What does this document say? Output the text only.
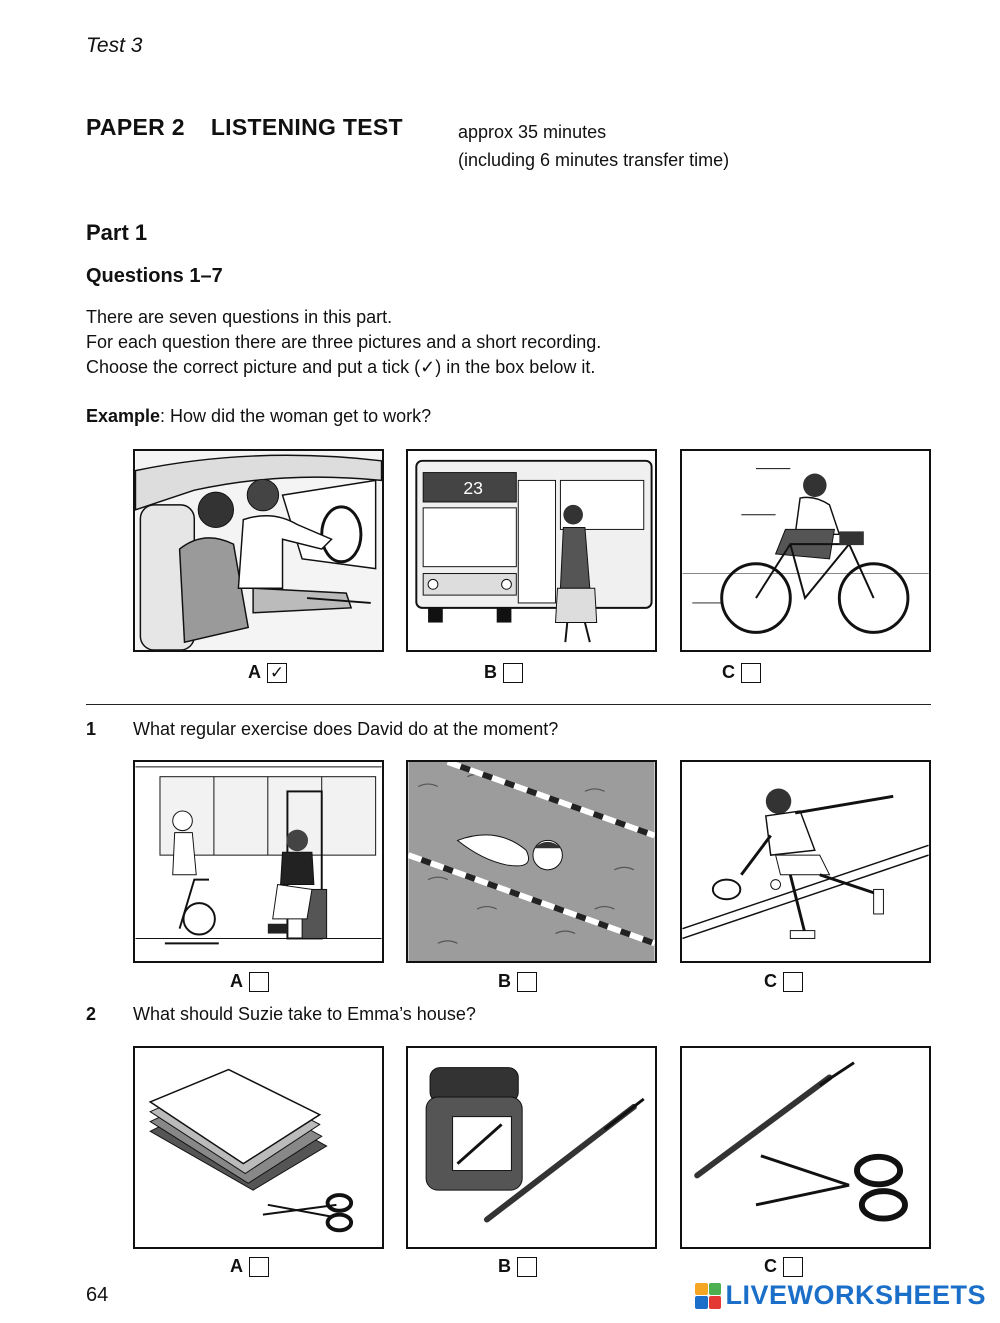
Test 3
PAPER 2 LISTENING TEST	approx 35 minutes
(including 6 minutes transfer time)
Part 1
Questions 1–7
There are seven questions in this part.
For each question there are three pictures and a short recording.
Choose the correct picture and put a tick (✓) in the box below it.
Example: How did the woman get to work?
23
A ✓	B	C
1 What regular exercise does David do at the moment?
A	B	C
2 What should Suzie take to Emma’s house?
A	B	C
64	LIVEWORKSHEETS
